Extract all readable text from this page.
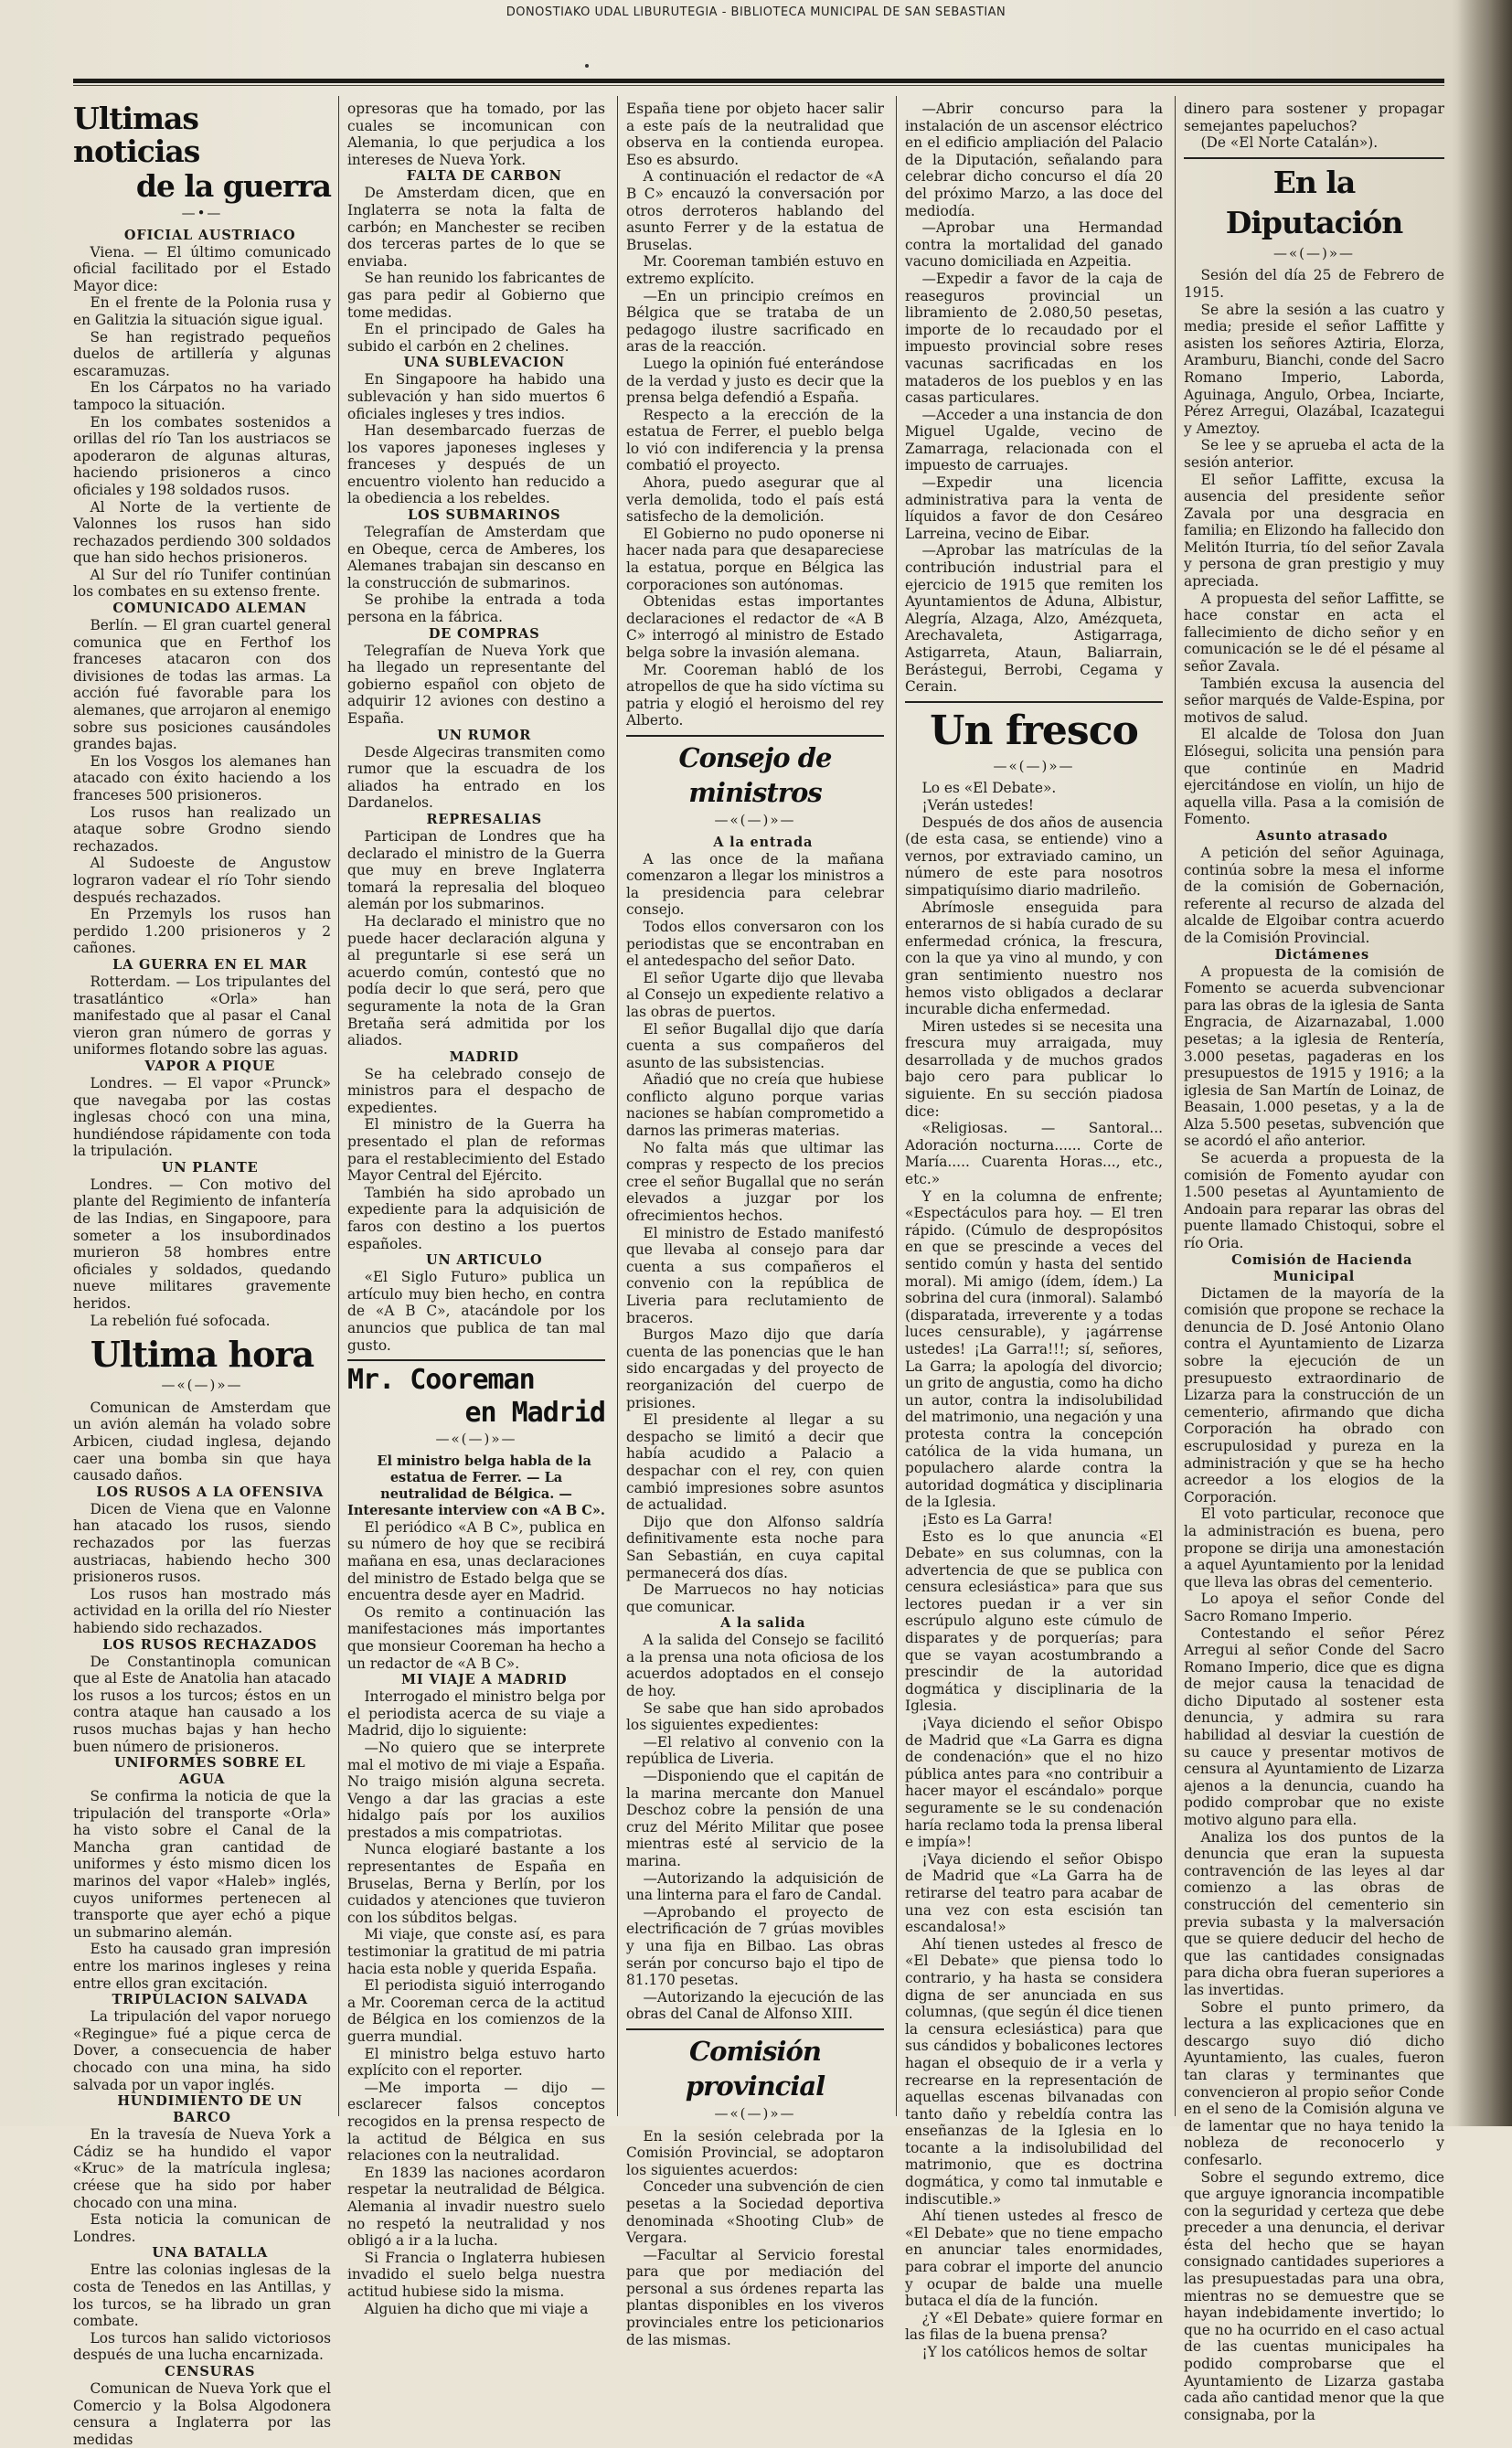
DONOSTIAKO UDAL LIBURUTEGIA - BIBLIOTECA MUNICIPAL DE SAN SEBASTIAN
Ultimas noticias
de la guerra
—•—

OFICIAL AUSTRIACO

Viena. — El último comunicado oficial facilitado por el Estado Mayor dice:

En el frente de la Polonia rusa y en Galitzia la situación sigue igual.

Se han registrado pequeños duelos de artillería y algunas escaramuzas.

En los Cárpatos no ha variado tampoco la situación.

En los combates sostenidos a orillas del río Tan los austriacos se apoderaron de algunas alturas, haciendo prisioneros a cinco oficiales y 198 soldados rusos.

Al Norte de la vertiente de Valonnes los rusos han sido rechazados perdiendo 300 soldados que han sido hechos prisioneros.

Al Sur del río Tunifer continúan los combates en su extenso frente.

COMUNICADO ALEMAN

Berlín. — El gran cuartel general comunica que en Ferthof los franceses atacaron con dos divisiones de todas las armas. La acción fué favorable para los alemanes, que arrojaron al enemigo sobre sus posiciones causándoles grandes bajas.

En los Vosgos los alemanes han atacado con éxito haciendo a los franceses 500 prisioneros.

Los rusos han realizado un ataque sobre Grodno siendo rechazados.

Al Sudoeste de Angustow lograron vadear el río Tohr siendo después rechazados.

En Przemyls los rusos han perdido 1.200 prisioneros y 2 cañones.

LA GUERRA EN EL MAR

Rotterdam. — Los tripulantes del trasatlántico «Orla» han manifestado que al pasar el Canal vieron gran número de gorras y uniformes flotando sobre las aguas.

VAPOR A PIQUE

Londres. — El vapor «Prunck» que navegaba por las costas inglesas chocó con una mina, hundiéndose rápidamente con toda la tripulación.

UN PLANTE

Londres. — Con motivo del plante del Regimiento de infantería de las Indias, en Singapoore, para someter a los insubordinados murieron 58 hombres entre oficiales y soldados, quedando nueve militares gravemente heridos.

La rebelión fué sofocada.

Ultima hora
—«(—)»—

Comunican de Amsterdam que un avión alemán ha volado sobre Arbicen, ciudad inglesa, dejando caer una bomba sin que haya causado daños.

LOS RUSOS A LA OFENSIVA

Dicen de Viena que en Valonne han atacado los rusos, siendo rechazados por las fuerzas austriacas, habiendo hecho 300 prisioneros rusos.

Los rusos han mostrado más actividad en la orilla del río Niester habiendo sido rechazados.

LOS RUSOS RECHAZADOS

De Constantinopla comunican que al Este de Anatolia han atacado los rusos a los turcos; éstos en un contra ataque han causado a los rusos muchas bajas y han hecho buen número de prisioneros.

UNIFORMES SOBRE EL AGUA

Se confirma la noticia de que la tripulación del transporte «Orla» ha visto sobre el Canal de la Mancha gran cantidad de uniformes y ésto mismo dicen los marinos del vapor «Haleb» inglés, cuyos uniformes pertenecen al transporte que ayer echó a pique un submarino alemán.

Esto ha causado gran impresión entre los marinos ingleses y reina entre ellos gran excitación.

TRIPULACION SALVADA

La tripulación del vapor noruego «Regingue» fué a pique cerca de Dover, a consecuencia de haber chocado con una mina, ha sido salvada por un vapor inglés.

HUNDIMIENTO DE UN BARCO

En la travesía de Nueva York a Cádiz se ha hundido el vapor «Kruc» de la matrícula inglesa; créese que ha sido por haber chocado con una mina.

Esta noticia la comunican de Londres.

UNA BATALLA

Entre las colonias inglesas de la costa de Tenedos en las Antillas, y los turcos, se ha librado un gran combate.

Los turcos han salido victoriosos después de una lucha encarnizada.

CENSURAS

Comunican de Nueva York que el Comercio y la Bolsa Algodonera censura a Inglaterra por las medidas

opresoras que ha tomado, por las cuales se incomunican con Alemania, lo que perjudica a los intereses de Nueva York.

FALTA DE CARBON

De Amsterdam dicen, que en Inglaterra se nota la falta de carbón; en Manchester se reciben dos terceras partes de lo que se enviaba.

Se han reunido los fabricantes de gas para pedir al Gobierno que tome medidas.

En el principado de Gales ha subido el carbón en 2 chelines.

UNA SUBLEVACION

En Singapoore ha habido una sublevación y han sido muertos 6 oficiales ingleses y tres indios.

Han desembarcado fuerzas de los vapores japoneses ingleses y franceses y después de un encuentro violento han reducido a la obediencia a los rebeldes.

LOS SUBMARINOS

Telegrafían de Amsterdam que en Obeque, cerca de Amberes, los Alemanes trabajan sin descanso en la construcción de submarinos.

Se prohibe la entrada a toda persona en la fábrica.

DE COMPRAS

Telegrafían de Nueva York que ha llegado un representante del gobierno español con objeto de adquirir 12 aviones con destino a España.

UN RUMOR

Desde Algeciras transmiten como rumor que la escuadra de los aliados ha entrado en los Dardanelos.

REPRESALIAS

Participan de Londres que ha declarado el ministro de la Guerra que muy en breve Inglaterra tomará la represalia del bloqueo alemán por los submarinos.

Ha declarado el ministro que no puede hacer declaración alguna y al preguntarle si ese será un acuerdo común, contestó que no podía decir lo que será, pero que seguramente la nota de la Gran Bretaña será admitida por los aliados.

MADRID

Se ha celebrado consejo de ministros para el despacho de expedientes.

El ministro de la Guerra ha presentado el plan de reformas para el restablecimiento del Estado Mayor Central del Ejército.

También ha sido aprobado un expediente para la adquisición de faros con destino a los puertos españoles.

UN ARTICULO

«El Siglo Futuro» publica un artículo muy bien hecho, en contra de «A B C», atacándole por los anuncios que publica de tan mal gusto.

Mr. Cooreman
en Madrid
—«(—)»—

El ministro belga habla de la estatua de Ferrer. — La neutralidad de Bélgica. — Interesante interview con «A B C».

El periódico «A B C», publica en su número de hoy que se recibirá mañana en esa, unas declaraciones del ministro de Estado belga que se encuentra desde ayer en Madrid.

Os remito a continuación las manifestaciones más importantes que monsieur Cooreman ha hecho a un redactor de «A B C».

MI VIAJE A MADRID

Interrogado el ministro belga por el periodista acerca de su viaje a Madrid, dijo lo siguiente:

—No quiero que se interprete mal el motivo de mi viaje a España. No traigo misión alguna secreta. Vengo a dar las gracias a este hidalgo país por los auxilios prestados a mis compatriotas.

Nunca elogiaré bastante a los representantes de España en Bruselas, Berna y Berlín, por los cuidados y atenciones que tuvieron con los súbditos belgas.

Mi viaje, que conste así, es para testimoniar la gratitud de mi patria hacia esta noble y querida España.

El periodista siguió interrogando a Mr. Cooreman cerca de la actitud de Bélgica en los comienzos de la guerra mundial.

El ministro belga estuvo harto explícito con el reporter.

—Me importa — dijo — esclarecer falsos conceptos recogidos en la prensa respecto de la actitud de Bélgica en sus relaciones con la neutralidad.

En 1839 las naciones acordaron respetar la neutralidad de Bélgica. Alemania al invadir nuestro suelo no respetó la neutralidad y nos obligó a ir a la lucha.

Si Francia o Inglaterra hubiesen invadido el suelo belga nuestra actitud hubiese sido la misma.

Alguien ha dicho que mi viaje a

España tiene por objeto hacer salir a este país de la neutralidad que observa en la contienda europea. Eso es absurdo.

A continuación el redactor de «A B C» encauzó la conversación por otros derroteros hablando del asunto Ferrer y de la estatua de Bruselas.

Mr. Cooreman también estuvo en extremo explícito.

—En un principio creímos en Bélgica que se trataba de un pedagogo ilustre sacrificado en aras de la reacción.

Luego la opinión fué enterándose de la verdad y justo es decir que la prensa belga defendió a España.

Respecto a la erección de la estatua de Ferrer, el pueblo belga lo vió con indiferencia y la prensa combatió el proyecto.

Ahora, puedo asegurar que al verla demolida, todo el país está satisfecho de la demolición.

El Gobierno no pudo oponerse ni hacer nada para que desapareciese la estatua, porque en Bélgica las corporaciones son autónomas.

Obtenidas estas importantes declaraciones el redactor de «A B C» interrogó al ministro de Estado belga sobre la invasión alemana.

Mr. Cooreman habló de los atropellos de que ha sido víctima su patria y elogió el heroismo del rey Alberto.

Consejo de ministros
—«(—)»—

A la entrada

A las once de la mañana comenzaron a llegar los ministros a la presidencia para celebrar consejo.

Todos ellos conversaron con los periodistas que se encontraban en el antedespacho del señor Dato.

El señor Ugarte dijo que llevaba al Consejo un expediente relativo a las obras de puertos.

El señor Bugallal dijo que daría cuenta a sus compañeros del asunto de las subsistencias.

Añadió que no creía que hubiese conflicto alguno porque varias naciones se habían comprometido a darnos las primeras materias.

No falta más que ultimar las compras y respecto de los precios cree el señor Bugallal que no serán elevados a juzgar por los ofrecimientos hechos.

El ministro de Estado manifestó que llevaba al consejo para dar cuenta a sus compañeros el convenio con la república de Liveria para reclutamiento de braceros.

Burgos Mazo dijo que daría cuenta de las ponencias que le han sido encargadas y del proyecto de reorganización del cuerpo de prisiones.

El presidente al llegar a su despacho se limitó a decir que había acudido a Palacio a despachar con el rey, con quien cambió impresiones sobre asuntos de actualidad.

Dijo que don Alfonso saldría definitivamente esta noche para San Sebastián, en cuya capital permanecerá dos días.

De Marruecos no hay noticias que comunicar.

A la salida

A la salida del Consejo se facilitó a la prensa una nota oficiosa de los acuerdos adoptados en el consejo de hoy.

Se sabe que han sido aprobados los siguientes expedientes:

—El relativo al convenio con la república de Liveria.

—Disponiendo que el capitán de la marina mercante don Manuel Deschoz cobre la pensión de una cruz del Mérito Militar que posee mientras esté al servicio de la marina.

—Autorizando la adquisición de una linterna para el faro de Candal.

—Aprobando el proyecto de electrificación de 7 grúas movibles y una fija en Bilbao. Las obras serán por concurso bajo el tipo de 81.170 pesetas.

—Autorizando la ejecución de las obras del Canal de Alfonso XIII.

Comisión provincial
—«(—)»—

En la sesión celebrada por la Comisión Provincial, se adoptaron los siguientes acuerdos:

Conceder una subvención de cien pesetas a la Sociedad deportiva denominada «Shooting Club» de Vergara.

—Facultar al Servicio forestal para que por mediación del personal a sus órdenes reparta las plantas disponibles en los viveros provinciales entre los peticionarios de las mismas.

—Abrir concurso para la instalación de un ascensor eléctrico en el edificio ampliación del Palacio de la Diputación, señalando para celebrar dicho concurso el día 20 del próximo Marzo, a las doce del mediodía.

—Aprobar una Hermandad contra la mortalidad del ganado vacuno domiciliada en Azpeitia.

—Expedir a favor de la caja de reaseguros provincial un libramiento de 2.080,50 pesetas, importe de lo recaudado por el impuesto provincial sobre reses vacunas sacrificadas en los mataderos de los pueblos y en las casas particulares.

—Acceder a una instancia de don Miguel Ugalde, vecino de Zamarraga, relacionada con el impuesto de carruajes.

—Expedir una licencia administrativa para la venta de líquidos a favor de don Cesáreo Larreina, vecino de Eibar.

—Aprobar las matrículas de la contribución industrial para el ejercicio de 1915 que remiten los Ayuntamientos de Aduna, Albistur, Alegría, Alzaga, Alzo, Amézqueta, Arechavaleta, Astigarraga, Astigarreta, Ataun, Baliarrain, Berástegui, Berrobi, Cegama y Cerain.

Un fresco
—«(—)»—

Lo es «El Debate».

¡Verán ustedes!

Después de dos años de ausencia (de esta casa, se entiende) vino a vernos, por extraviado camino, un número de este para nosotros simpatiquísimo diario madrileño.

Abrímosle enseguida para enterarnos de si había curado de su enfermedad crónica, la frescura, con la que ya vino al mundo, y con gran sentimiento nuestro nos hemos visto obligados a declarar incurable dicha enfermedad.

Miren ustedes si se necesita una frescura muy arraigada, muy desarrollada y de muchos grados bajo cero para publicar lo siguiente. En su sección piadosa dice:

«Religiosas. — Santoral... Adoración nocturna...... Corte de María..... Cuarenta Horas..., etc., etc.»

Y en la columna de enfrente; «Espectáculos para hoy. — El tren rápido. (Cúmulo de despropósitos en que se prescinde a veces del sentido común y hasta del sentido moral). Mi amigo (ídem, ídem.) La sobrina del cura (inmoral). Salambó (disparatada, irreverente y a todas luces censurable), y ¡agárrense ustedes! ¡La Garra!!!; sí, señores, La Garra; la apología del divorcio; un grito de angustia, como ha dicho un autor, contra la indisolubilidad del matrimonio, una negación y una protesta contra la concepción católica de la vida humana, un populachero alarde contra la autoridad dogmática y disciplinaria de la Iglesia.

¡Esto es La Garra!

Esto es lo que anuncia «El Debate» en sus columnas, con la advertencia de que se publica con censura eclesiástica» para que sus lectores puedan ir a ver sin escrúpulo alguno este cúmulo de disparates y de porquerías; para que se vayan acostumbrando a prescindir de la autoridad dogmática y disciplinaria de la Iglesia.

¡Vaya diciendo el señor Obispo de Madrid que «La Garra es digna de condenación» que el no hizo pública antes para «no contribuir a hacer mayor el escándalo» porque seguramente se le su condenación haría reclamo toda la prensa liberal e impía»!

¡Vaya diciendo el señor Obispo de Madrid que «La Garra ha de retirarse del teatro para acabar de una vez con esta escisión tan escandalosa!»

Ahí tienen ustedes al fresco de «El Debate» que piensa todo lo contrario, y ha hasta se considera digna de ser anunciada en sus columnas, (que según él dice tienen la censura eclesiástica) para que sus cándidos y bobalicones lectores hagan el obsequio de ir a verla y recrearse en la representación de aquellas escenas bilvanadas con tanto daño y rebeldía contra las enseñanzas de la Iglesia en lo tocante a la indisolubilidad del matrimonio, que es doctrina dogmática, y como tal inmutable e indiscutible.»

Ahí tienen ustedes al fresco de «El Debate» que no tiene empacho en anunciar tales enormidades, para cobrar el importe del anuncio y ocupar de balde una muelle butaca el día de la función.

¿Y «El Debate» quiere formar en las filas de la buena prensa?

¡Y los católicos hemos de soltar

dinero para sostener y propagar semejantes papeluchos?

(De «El Norte Catalán»).

En la Diputación
—«(—)»—

Sesión del día 25 de Febrero de 1915.

Se abre la sesión a las cuatro y media; preside el señor Laffitte y asisten los señores Aztiria, Elorza, Aramburu, Bianchi, conde del Sacro Romano Imperio, Laborda, Aguinaga, Angulo, Orbea, Inciarte, Pérez Arregui, Olazábal, Icazategui y Ameztoy.

Se lee y se aprueba el acta de la sesión anterior.

El señor Laffitte, excusa la ausencia del presidente señor Zavala por una desgracia en familia; en Elizondo ha fallecido don Melitón Iturria, tío del señor Zavala y persona de gran prestigio y muy apreciada.

A propuesta del señor Laffitte, se hace constar en acta el fallecimiento de dicho señor y en comunicación se le dé el pésame al señor Zavala.

También excusa la ausencia del señor marqués de Valde-Espina, por motivos de salud.

El alcalde de Tolosa don Juan Elósegui, solicita una pensión para que continúe en Madrid ejercitándose en violín, un hijo de aquella villa. Pasa a la comisión de Fomento.

Asunto atrasado

A petición del señor Aguinaga, continúa sobre la mesa el informe de la comisión de Gobernación, referente al recurso de alzada del alcalde de Elgoibar contra acuerdo de la Comisión Provincial.

Dictámenes

A propuesta de la comisión de Fomento se acuerda subvencionar para las obras de la iglesia de Santa Engracia, de Aizarnazabal, 1.000 pesetas; a la iglesia de Rentería, 3.000 pesetas, pagaderas en los presupuestos de 1915 y 1916; a la iglesia de San Martín de Loinaz, de Beasain, 1.000 pesetas, y a la de Alza 5.500 pesetas, subvención que se acordó el año anterior.

Se acuerda a propuesta de la comisión de Fomento ayudar con 1.500 pesetas al Ayuntamiento de Andoain para reparar las obras del puente llamado Chistoqui, sobre el río Oria.

Comisión de Hacienda Municipal

Dictamen de la mayoría de la comisión que propone se rechace la denuncia de D. José Antonio Olano contra el Ayuntamiento de Lizarza sobre la ejecución de un presupuesto extraordinario de Lizarza para la construcción de un cementerio, afirmando que dicha Corporación ha obrado con escrupulosidad y pureza en la administración y que se ha hecho acreedor a los elogios de la Corporación.

El voto particular, reconoce que la administración es buena, pero propone se dirija una amonestación a aquel Ayuntamiento por la lenidad que lleva las obras del cementerio.

Lo apoya el señor Conde del Sacro Romano Imperio.

Contestando el señor Pérez Arregui al señor Conde del Sacro Romano Imperio, dice que es digna de mejor causa la tenacidad de dicho Diputado al sostener esta denuncia, y admira su rara habilidad al desviar la cuestión de su cauce y presentar motivos de censura al Ayuntamiento de Lizarza ajenos a la denuncia, cuando ha podido comprobar que no existe motivo alguno para ella.

Analiza los dos puntos de la denuncia que eran la supuesta contravención de las leyes al dar comienzo a las obras de construcción del cementerio sin previa subasta y la malversación que se quiere deducir del hecho de que las cantidades consignadas para dicha obra fueran superiores a las invertidas.

Sobre el punto primero, da lectura a las explicaciones que en descargo suyo dió dicho Ayuntamiento, las cuales, fueron tan claras y terminantes que convencieron al propio señor Conde en el seno de la Comisión alguna ve de lamentar que no haya tenido la nobleza de reconocerlo y confesarlo.

Sobre el segundo extremo, dice que arguye ignorancia incompatible con la seguridad y certeza que debe preceder a una denuncia, el derivar ésta del hecho que se hayan consignado cantidades superiores a las presupuestadas para una obra, mientras no se demuestre que se hayan indebidamente invertido; lo que no ha ocurrido en el caso actual de las cuentas municipales ha podido comprobarse que el Ayuntamiento de Lizarza gastaba cada año cantidad menor que la que consignaba, por la
